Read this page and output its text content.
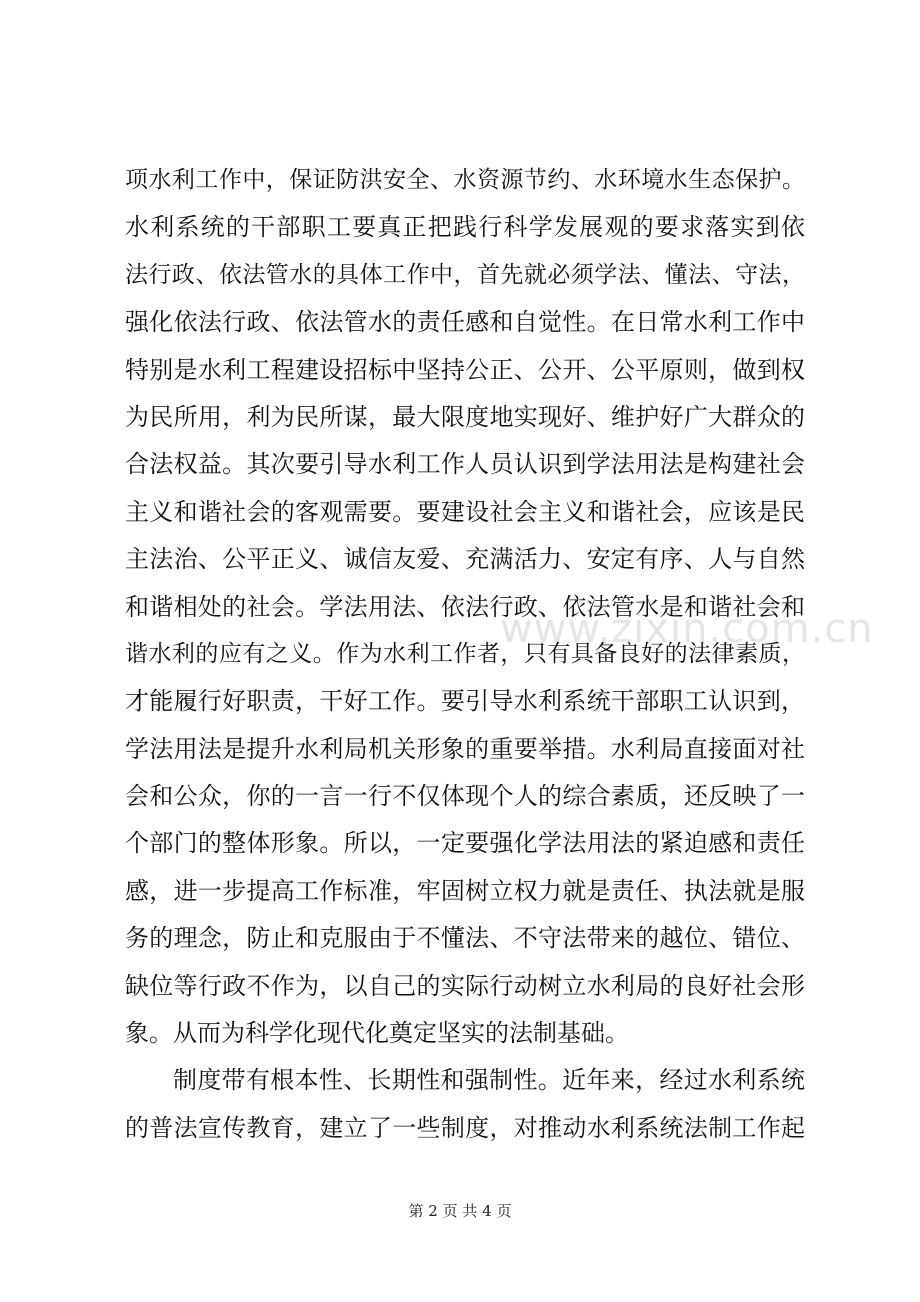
项水利工作中，保证防洪安全、水资源节约、水环境水生态保护。
水利系统的干部职工要真正把践行科学发展观的要求落实到依
法行政、依法管水的具体工作中，首先就必须学法、懂法、守法，
强化依法行政、依法管水的责任感和自觉性。在日常水利工作中
特别是水利工程建设招标中坚持公正、公开、公平原则，做到权
为民所用，利为民所谋，最大限度地实现好、维护好广大群众的
合法权益。其次要引导水利工作人员认识到学法用法是构建社会
主义和谐社会的客观需要。要建设社会主义和谐社会，应该是民
主法治、公平正义、诚信友爱、充满活力、安定有序、人与自然
和谐相处的社会。学法用法、依法行政、依法管水是和谐社会和
谐水利的应有之义。作为水利工作者，只有具备良好的法律素质，
才能履行好职责，干好工作。要引导水利系统干部职工认识到，
学法用法是提升水利局机关形象的重要举措。水利局直接面对社
会和公众，你的一言一行不仅体现个人的综合素质，还反映了一
个部门的整体形象。所以，一定要强化学法用法的紧迫感和责任
感，进一步提高工作标准，牢固树立权力就是责任、执法就是服
务的理念，防止和克服由于不懂法、不守法带来的越位、错位、
缺位等行政不作为，以自己的实际行动树立水利局的良好社会形
象。从而为科学化现代化奠定坚实的法制基础。
制度带有根本性、长期性和强制性。近年来，经过水利系统
的普法宣传教育，建立了一些制度，对推动水利系统法制工作起
www.zixin.com.cn
第 2 页 共 4 页
